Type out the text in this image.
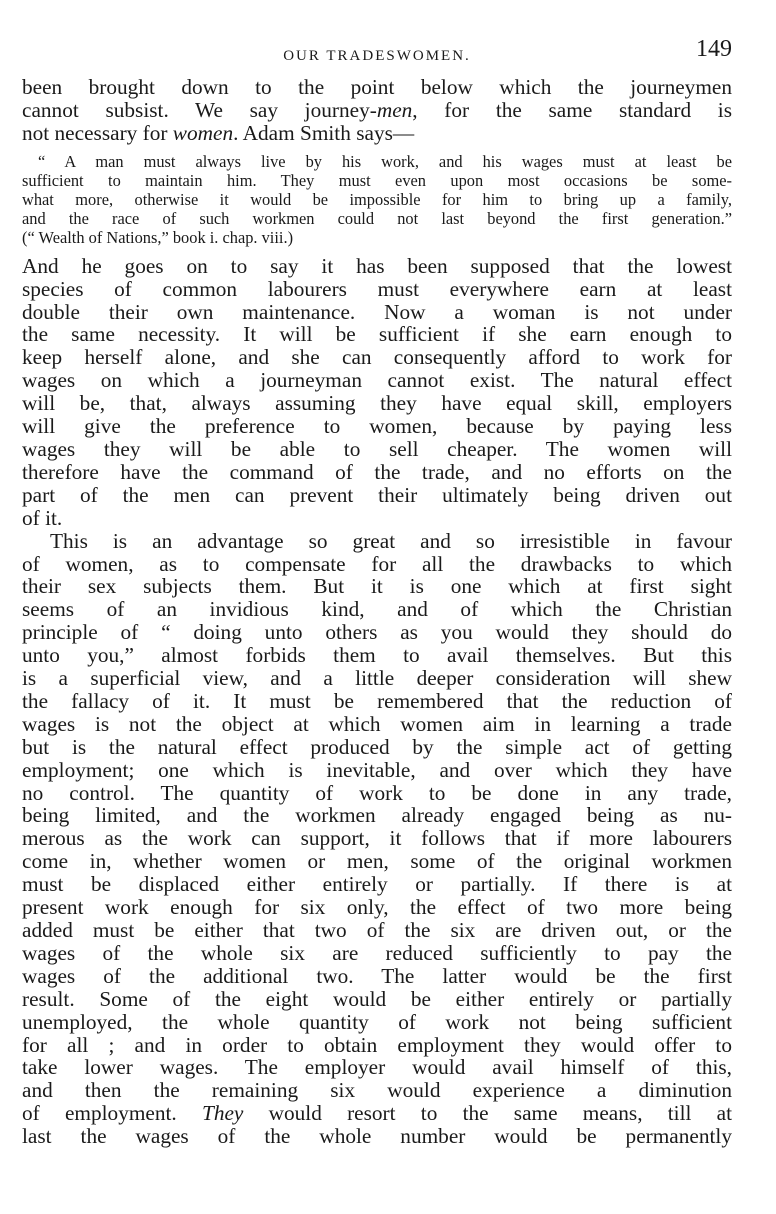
OUR TRADESWOMEN.	149
been brought down to the point below which the journeymen
cannot subsist. We say journey-men, for the same standard is
not necessary for women. Adam Smith says—
“ A man must always live by his work, and his wages must at least be
sufficient to maintain him. They must even upon most occasions be some-
what more, otherwise it would be impossible for him to bring up a family,
and the race of such workmen could not last beyond the first generation.”
(“ Wealth of Nations,” book i. chap. viii.)
And he goes on to say it has been supposed that the lowest
species of common labourers must everywhere earn at least
double their own maintenance. Now a woman is not under
the same necessity. It will be sufficient if she earn enough to
keep herself alone, and she can consequently afford to work for
wages on which a journeyman cannot exist. The natural effect
will be, that, always assuming they have equal skill, employers
will give the preference to women, because by paying less
wages they will be able to sell cheaper. The women will
therefore have the command of the trade, and no efforts on the
part of the men can prevent their ultimately being driven out
of it.
This is an advantage so great and so irresistible in favour
of women, as to compensate for all the drawbacks to which
their sex subjects them. But it is one which at first sight
seems of an invidious kind, and of which the Christian
principle of “ doing unto others as you would they should do
unto you,” almost forbids them to avail themselves. But this
is a superficial view, and a little deeper consideration will shew
the fallacy of it. It must be remembered that the reduction of
wages is not the object at which women aim in learning a trade
but is the natural effect produced by the simple act of getting
employment; one which is inevitable, and over which they have
no control. The quantity of work to be done in any trade,
being limited, and the workmen already engaged being as nu-
merous as the work can support, it follows that if more labourers
come in, whether women or men, some of the original workmen
must be displaced either entirely or partially. If there is at
present work enough for six only, the effect of two more being
added must be either that two of the six are driven out, or the
wages of the whole six are reduced sufficiently to pay the
wages of the additional two. The latter would be the first
result. Some of the eight would be either entirely or partially
unemployed, the whole quantity of work not being sufficient
for all ; and in order to obtain employment they would offer to
take lower wages. The employer would avail himself of this,
and then the remaining six would experience a diminution
of employment. They would resort to the same means, till at
last the wages of the whole number would be permanently
